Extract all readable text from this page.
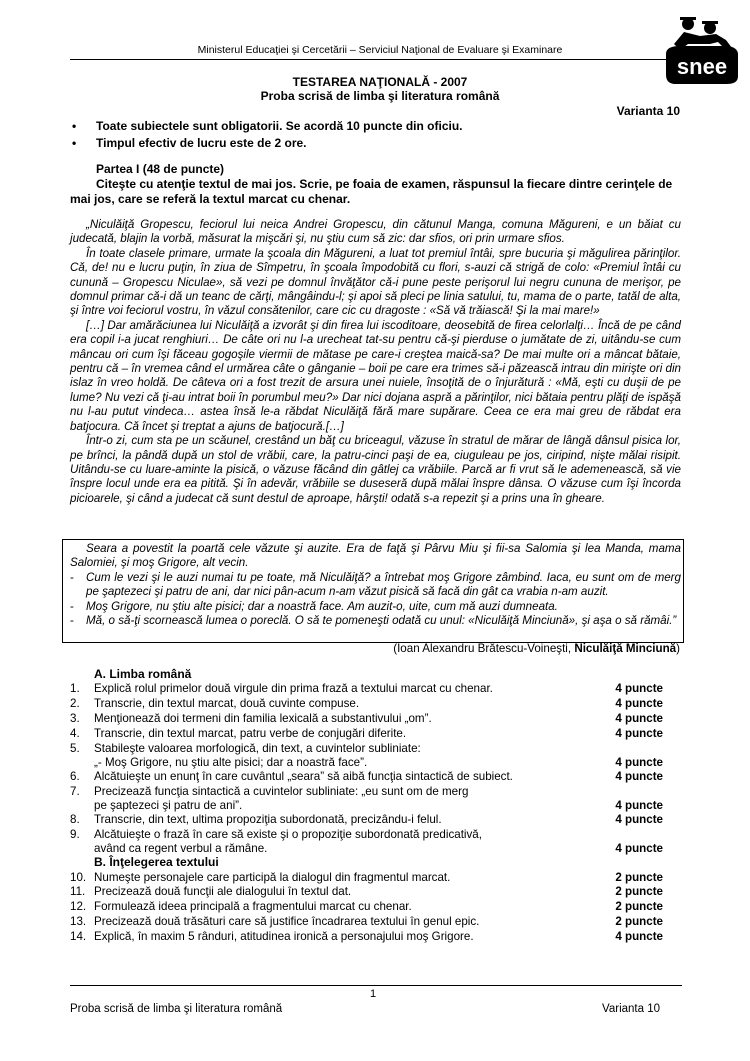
Ministerul Educaţiei şi Cercetării – Serviciul Naţional de Evaluare şi Examinare
snee
TESTAREA NAŢIONALĂ - 2007
Proba scrisă de limba şi literatura română
Varianta 10
• Toate subiectele sunt obligatorii. Se acordă 10 puncte din oficiu.
• Timpul efectiv de lucru este de 2 ore.
Partea I (48 de puncte)
Citeşte cu atenţie textul de mai jos. Scrie, pe foaia de examen, răspunsul la fiecare dintre cerinţele de mai jos, care se referă la textul marcat cu chenar.

„Niculăiţă Gropescu, feciorul lui neica Andrei Gropescu, din cătunul Manga, comuna Măgureni, e un băiat cu judecată, blajin la vorbă, măsurat la mişcări şi, nu ştiu cum să zic: dar sfios, ori prin urmare sfios.

În toate clasele primare, urmate la şcoala din Măgureni, a luat tot premiul întâi, spre bucuria şi măgulirea părinţilor. Că, de! nu e lucru puţin, în ziua de Sîmpetru, în şcoala împodobită cu flori, s-auzi că strigă de colo: «Premiul întâi cu cunună – Gropescu Niculae», să vezi pe domnul învăţător că-i pune peste perişorul lui negru cununa de merişor, pe domnul primar că-i dă un teanc de cărţi, mângâindu-l; şi apoi să pleci pe linia satului, tu, mama de o parte, tatăl de alta, şi între voi feciorul vostru, în văzul consătenilor, care cic cu dragoste : «Să vă trăiască! Şi la mai mare!»

[…] Dar amărăciunea lui Niculăiţă a izvorât şi din firea lui iscoditoare, deosebită de firea celorlalţi… Încă de pe când era copil i-a jucat renghiuri… De câte ori nu l-a urecheat tat-su pentru că-şi pierduse o jumătate de zi, uitându-se cum mâncau ori cum îşi făceau gogoşile viermii de mătase pe care-i creştea maică-sa? De mai multe ori a mâncat bătaie, pentru că – în vremea când el urmărea câte o gânganie – boii pe care era trimes să-i păzească intrau din mirişte ori din islaz în vreo holdă. De câteva ori a fost trezit de arsura unei nuiele, însoţită de o înjurătură : «Mă, eşti cu duşii de pe lume? Nu vezi că ţi-au intrat boii în porumbul meu?» Dar nici dojana aspră a părinţilor, nici bătaia pentru plăţi de ispăşă nu l-au putut vindeca… astea însă le-a răbdat Niculăiţă fără mare supărare. Ceea ce era mai greu de răbdat era batjocura. Că încet şi treptat a ajuns de batjocură.[…]

Într-o zi, cum sta pe un scăunel, crestând un băţ cu briceagul, văzuse în stratul de mărar de lângă dânsul pisica lor, pe brînci, la pândă după un stol de vrăbii, care, la patru-cinci paşi de ea, ciuguleau pe jos, ciripind, nişte mălai risipit. Uitându-se cu luare-aminte la pisică, o văzuse făcând din gâtlej ca vrăbiile. Parcă ar fi vrut să le ademenească, să vie înspre locul unde era ea pitită. Şi în adevăr, vrăbiile se duseseră după mălai înspre dânsa. O văzuse cum îşi încorda picioarele, şi când a judecat că sunt destul de aproape, hârşti! odată s-a repezit şi a prins una în gheare.

Seara a povestit la poartă cele văzute şi auzite. Era de faţă şi Pârvu Miu şi fii-sa Salomia şi lea Manda, mama Salomiei, şi moş Grigore, alt vecin.

- Cum le vezi şi le auzi numai tu pe toate, mă Niculăiţă? a întrebat moş Grigore zâmbind. Iaca, eu sunt om de merg pe şaptezeci şi patru de ani, dar nici pân-acum n-am văzut pisică să facă din gât ca vrabia n-am auzit.

- Moş Grigore, nu ştiu alte pisici; dar a noastră face. Am auzit-o, uite, cum mă auzi dumneata.

- Mă, o să-ţi scornească lumea o poreclă. O să te pomeneşti odată cu unul: «Niculăiţă Minciună», şi aşa o să rămâi.”

(Ioan Alexandru Brătescu-Voineşti, Niculăiţă Minciună)
A. Limba română
B. Înţelegerea textului
1.	Explică rolul primelor două virgule din prima frază a textului marcat cu chenar.	4 puncte
2.	Transcrie, din textul marcat, două cuvinte compuse.	4 puncte
3.	Menţionează doi termeni din familia lexicală a substantivului „om”.	4 puncte
4.	Transcrie, din textul marcat, patru verbe de conjugări diferite.	4 puncte
5.	Stabileşte valoarea morfologică, din text, a cuvintelor subliniate:
„- Moş Grigore, nu ştiu alte pisici; dar a noastră face”.	4 puncte
6.	Alcătuieşte un enunţ în care cuvântul „seara” să aibă funcţia sintactică de subiect.	4 puncte
7.	Precizează funcţia sintactică a cuvintelor subliniate: „eu sunt om de merg
pe şaptezeci şi patru de ani”.	4 puncte
8.	Transcrie, din text, ultima propoziţia subordonată, precizându-i felul.	4 puncte
9.	Alcătuieşte o frază în care să existe şi o propoziţie subordonată predicativă,
având ca regent verbul a rămâne.	4 puncte
10. Numeşte personajele care participă la dialogul din fragmentul marcat.	2 puncte
11. Precizează două funcţii ale dialogului în textul dat.	2 puncte
12. Formulează ideea principală a fragmentului marcat cu chenar.	2 puncte
13. Precizează două trăsături care să justifice încadrarea textului în genul epic.	2 puncte
14. Explică, în maxim 5 rânduri, atitudinea ironică a personajului moş Grigore.	4 puncte
1
Proba scrisă de limba şi literatura română	Varianta 10
